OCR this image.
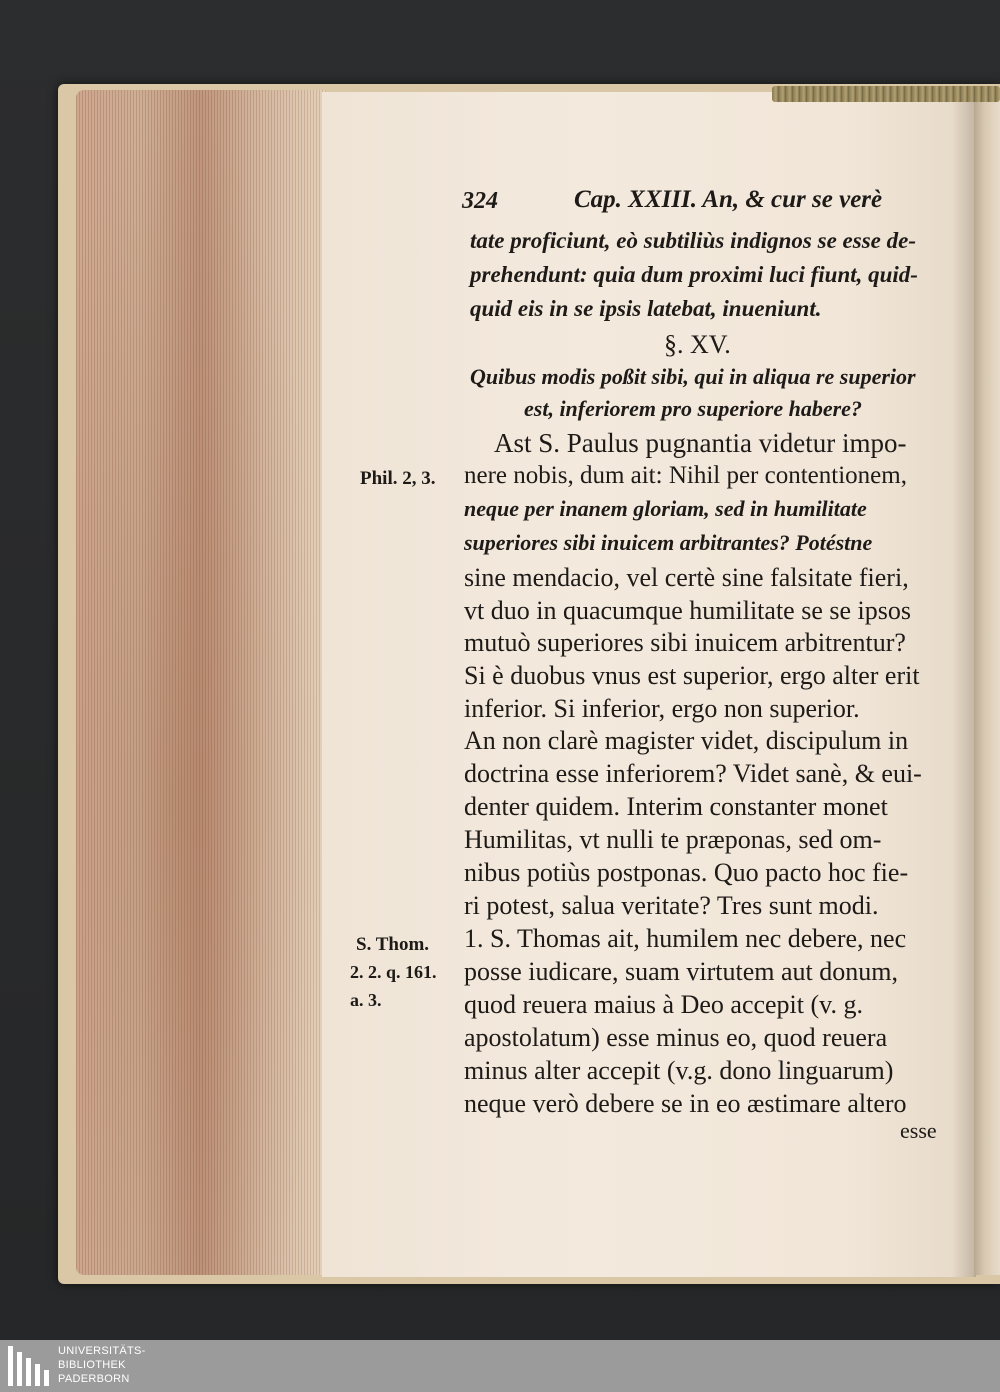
324	Cap. XXIII. An, & cur se verè
tate proficiunt, eò subtiliùs indignos se esse de-
prehendunt: quia dum proximi luci fiunt, quid-
quid eis in se ipsis latebat, inueniunt.
§. XV.
Quibus modis poßit sibi, qui in aliqua re superior
est, inferiorem pro superiore habere?
Ast S. Paulus pugnantia videtur impo-
nere nobis, dum ait: Nihil per contentionem,
neque per inanem gloriam, sed in humilitate
superiores sibi inuicem arbitrantes? Potéstne
sine mendacio, vel certè sine falsitate fieri,
vt duo in quacumque humilitate se se ipsos
mutuò superiores sibi inuicem arbitrentur?
Si è duobus vnus est superior, ergo alter erit
inferior. Si inferior, ergo non superior.
An non clarè magister videt, discipulum in
doctrina esse inferiorem? Videt sanè, & eui-
denter quidem. Interim constanter monet
Humilitas, vt nulli te præponas, sed om-
nibus potiùs postponas. Quo pacto hoc fie-
ri potest, salua veritate? Tres sunt modi.
1. S. Thomas ait, humilem nec debere, nec
posse iudicare, suam virtutem aut donum,
quod reuera maius à Deo accepit (v. g.
apostolatum) esse minus eo, quod reuera
minus alter accepit (v.g. dono linguarum)
neque verò debere se in eo æstimare altero
esse
Phil. 2, 3.
S. Thom.
2. 2. q. 161.
a. 3.
UNIVERSITÄTS-
BIBLIOTHEK
PADERBORN
